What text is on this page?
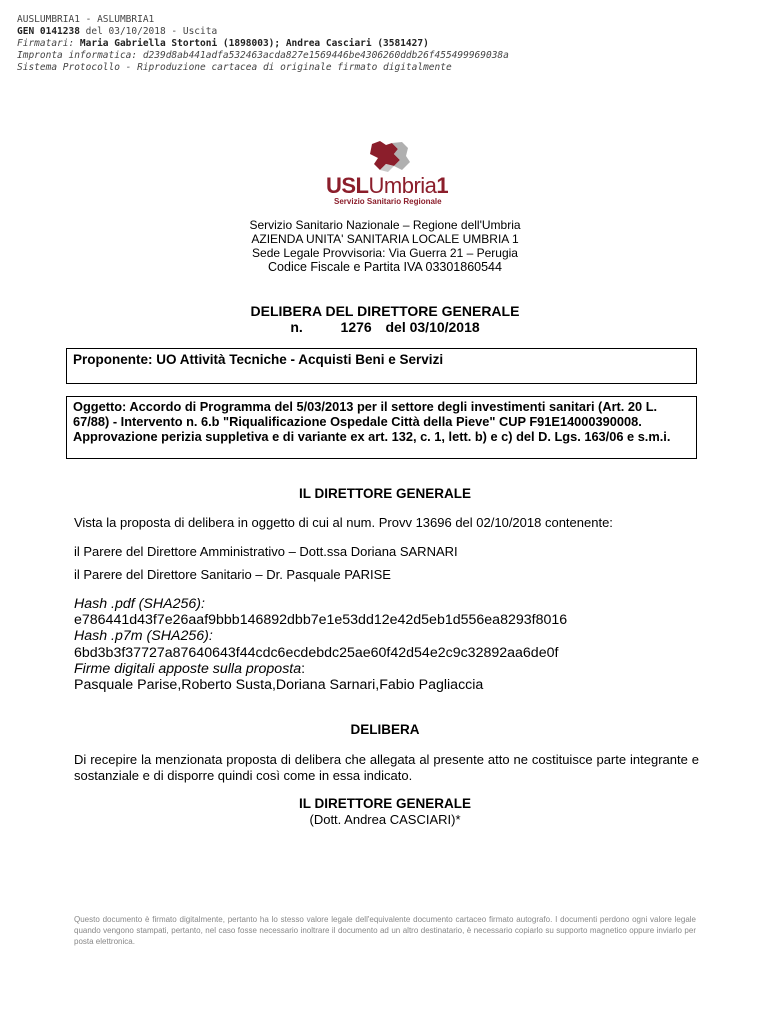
AUSLUMBRIA1 - ASLUMBRIA1
GEN 0141238 del 03/10/2018 - Uscita
Firmatari: Maria Gabriella Stortoni (1898003); Andrea Casciari (3581427)
Impronta informatica: d239d8ab441adfa532463acda827e1569446be4306260ddb26f455499969038a
Sistema Protocollo - Riproduzione cartacea di originale firmato digitalmente
USLUmbria1
Servizio Sanitario Regionale
Servizio Sanitario Nazionale – Regione dell'Umbria
AZIENDA UNITA' SANITARIA LOCALE UMBRIA 1
Sede Legale Provvisoria: Via Guerra 21 – Perugia
Codice Fiscale e Partita IVA 03301860544
DELIBERA DEL DIRETTORE GENERALE
n.	1276 del 03/10/2018
Proponente: UO Attività Tecniche - Acquisti Beni e Servizi
Oggetto: Accordo di Programma del 5/03/2013 per il settore degli investimenti sanitari (Art. 20 L. 67/88) - Intervento n. 6.b "Riqualificazione Ospedale Città della Pieve" CUP F91E14000390008. Approvazione perizia suppletiva e di variante ex art. 132, c. 1, lett. b) e c) del D. Lgs. 163/06 e s.m.i.
IL DIRETTORE GENERALE
Vista la proposta di delibera in oggetto di cui al num. Provv 13696 del 02/10/2018 contenente:
il Parere del Direttore Amministrativo – Dott.ssa Doriana SARNARI
il Parere del Direttore Sanitario – Dr. Pasquale PARISE
Hash .pdf (SHA256):
e786441d43f7e26aaf9bbb146892dbb7e1e53dd12e42d5eb1d556ea8293f8016
Hash .p7m (SHA256):
6bd3b3f37727a87640643f44cdc6ecdebdc25ae60f42d54e2c9c32892aa6de0f
Firme digitali apposte sulla proposta:
Pasquale Parise,Roberto Susta,Doriana Sarnari,Fabio Pagliaccia
DELIBERA
Di recepire la menzionata proposta di delibera che allegata al presente atto ne costituisce parte integrante e sostanziale e di disporre quindi così come in essa indicato.
IL DIRETTORE GENERALE
(Dott. Andrea CASCIARI)*
Questo documento è firmato digitalmente, pertanto ha lo stesso valore legale dell'equivalente documento cartaceo firmato autografo. I documenti perdono ogni valore legale quando vengono stampati, pertanto, nel caso fosse necessario inoltrare il documento ad un altro destinatario, è necessario copiarlo su supporto magnetico oppure inviarlo per posta elettronica.
